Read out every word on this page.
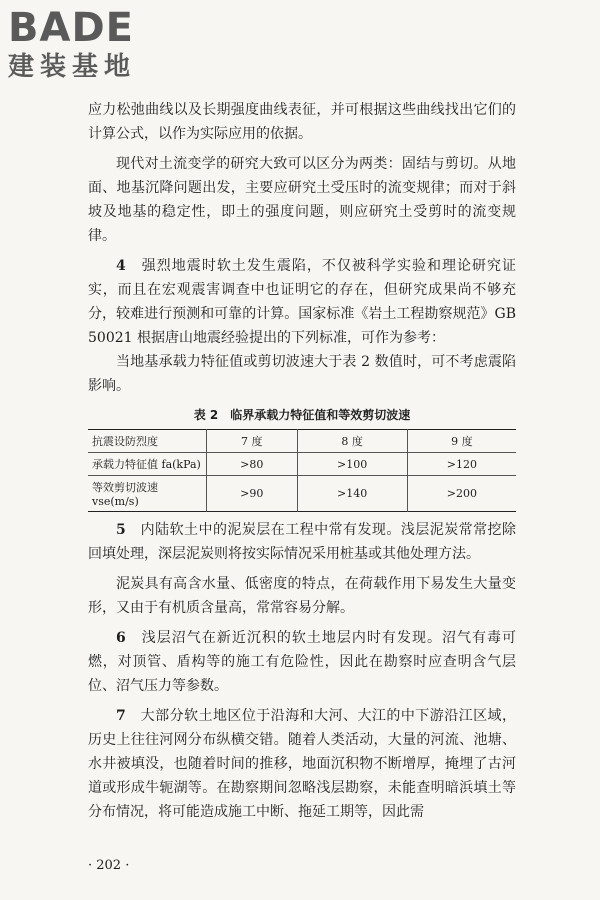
BADE
建装基地

应力松弛曲线以及长期强度曲线表征，并可根据这些曲线找出它们的计算公式，以作为实际应用的依据。

现代对土流变学的研究大致可以区分为两类：固结与剪切。从地面、地基沉降问题出发，主要应研究土受压时的流变规律；而对于斜坡及地基的稳定性，即土的强度问题，则应研究土受剪时的流变规律。

4　 强烈地震时软土发生震陷，不仅被科学实验和理论研究证实，而且在宏观震害调查中也证明它的存在，但研究成果尚不够充分，较难进行预测和可靠的计算。国家标准《岩土工程勘察规范》GB 50021 根据唐山地震经验提出的下列标准，可作为参考：

当地基承载力特征值或剪切波速大于表 2 数值时，可不考虑震陷影响。

表 2　临界承载力特征值和等效剪切波速
抗震设防烈度	7 度	8 度	9 度
承载力特征值 fa(kPa)	>80	>100	>120
等效剪切波速 vse(m/s)	>90	>140	>200

5　 内陆软土中的泥炭层在工程中常有发现。浅层泥炭常常挖除回填处理，深层泥炭则将按实际情况采用桩基或其他处理方法。

泥炭具有高含水量、低密度的特点，在荷载作用下易发生大量变形，又由于有机质含量高，常常容易分解。

6　 浅层沼气在新近沉积的软土地层内时有发现。沼气有毒可燃，对顶管、盾构等的施工有危险性，因此在勘察时应查明含气层位、沼气压力等参数。

7　 大部分软土地区位于沿海和大河、大江的中下游沿江区域，历史上往往河网分布纵横交错。随着人类活动，大量的河流、池塘、水井被填没，也随着时间的推移，地面沉积物不断增厚，掩埋了古河道或形成牛轭湖等。在勘察期间忽略浅层勘察，未能查明暗浜填土等分布情况，将可能造成施工中断、拖延工期等，因此需

· 202 ·
